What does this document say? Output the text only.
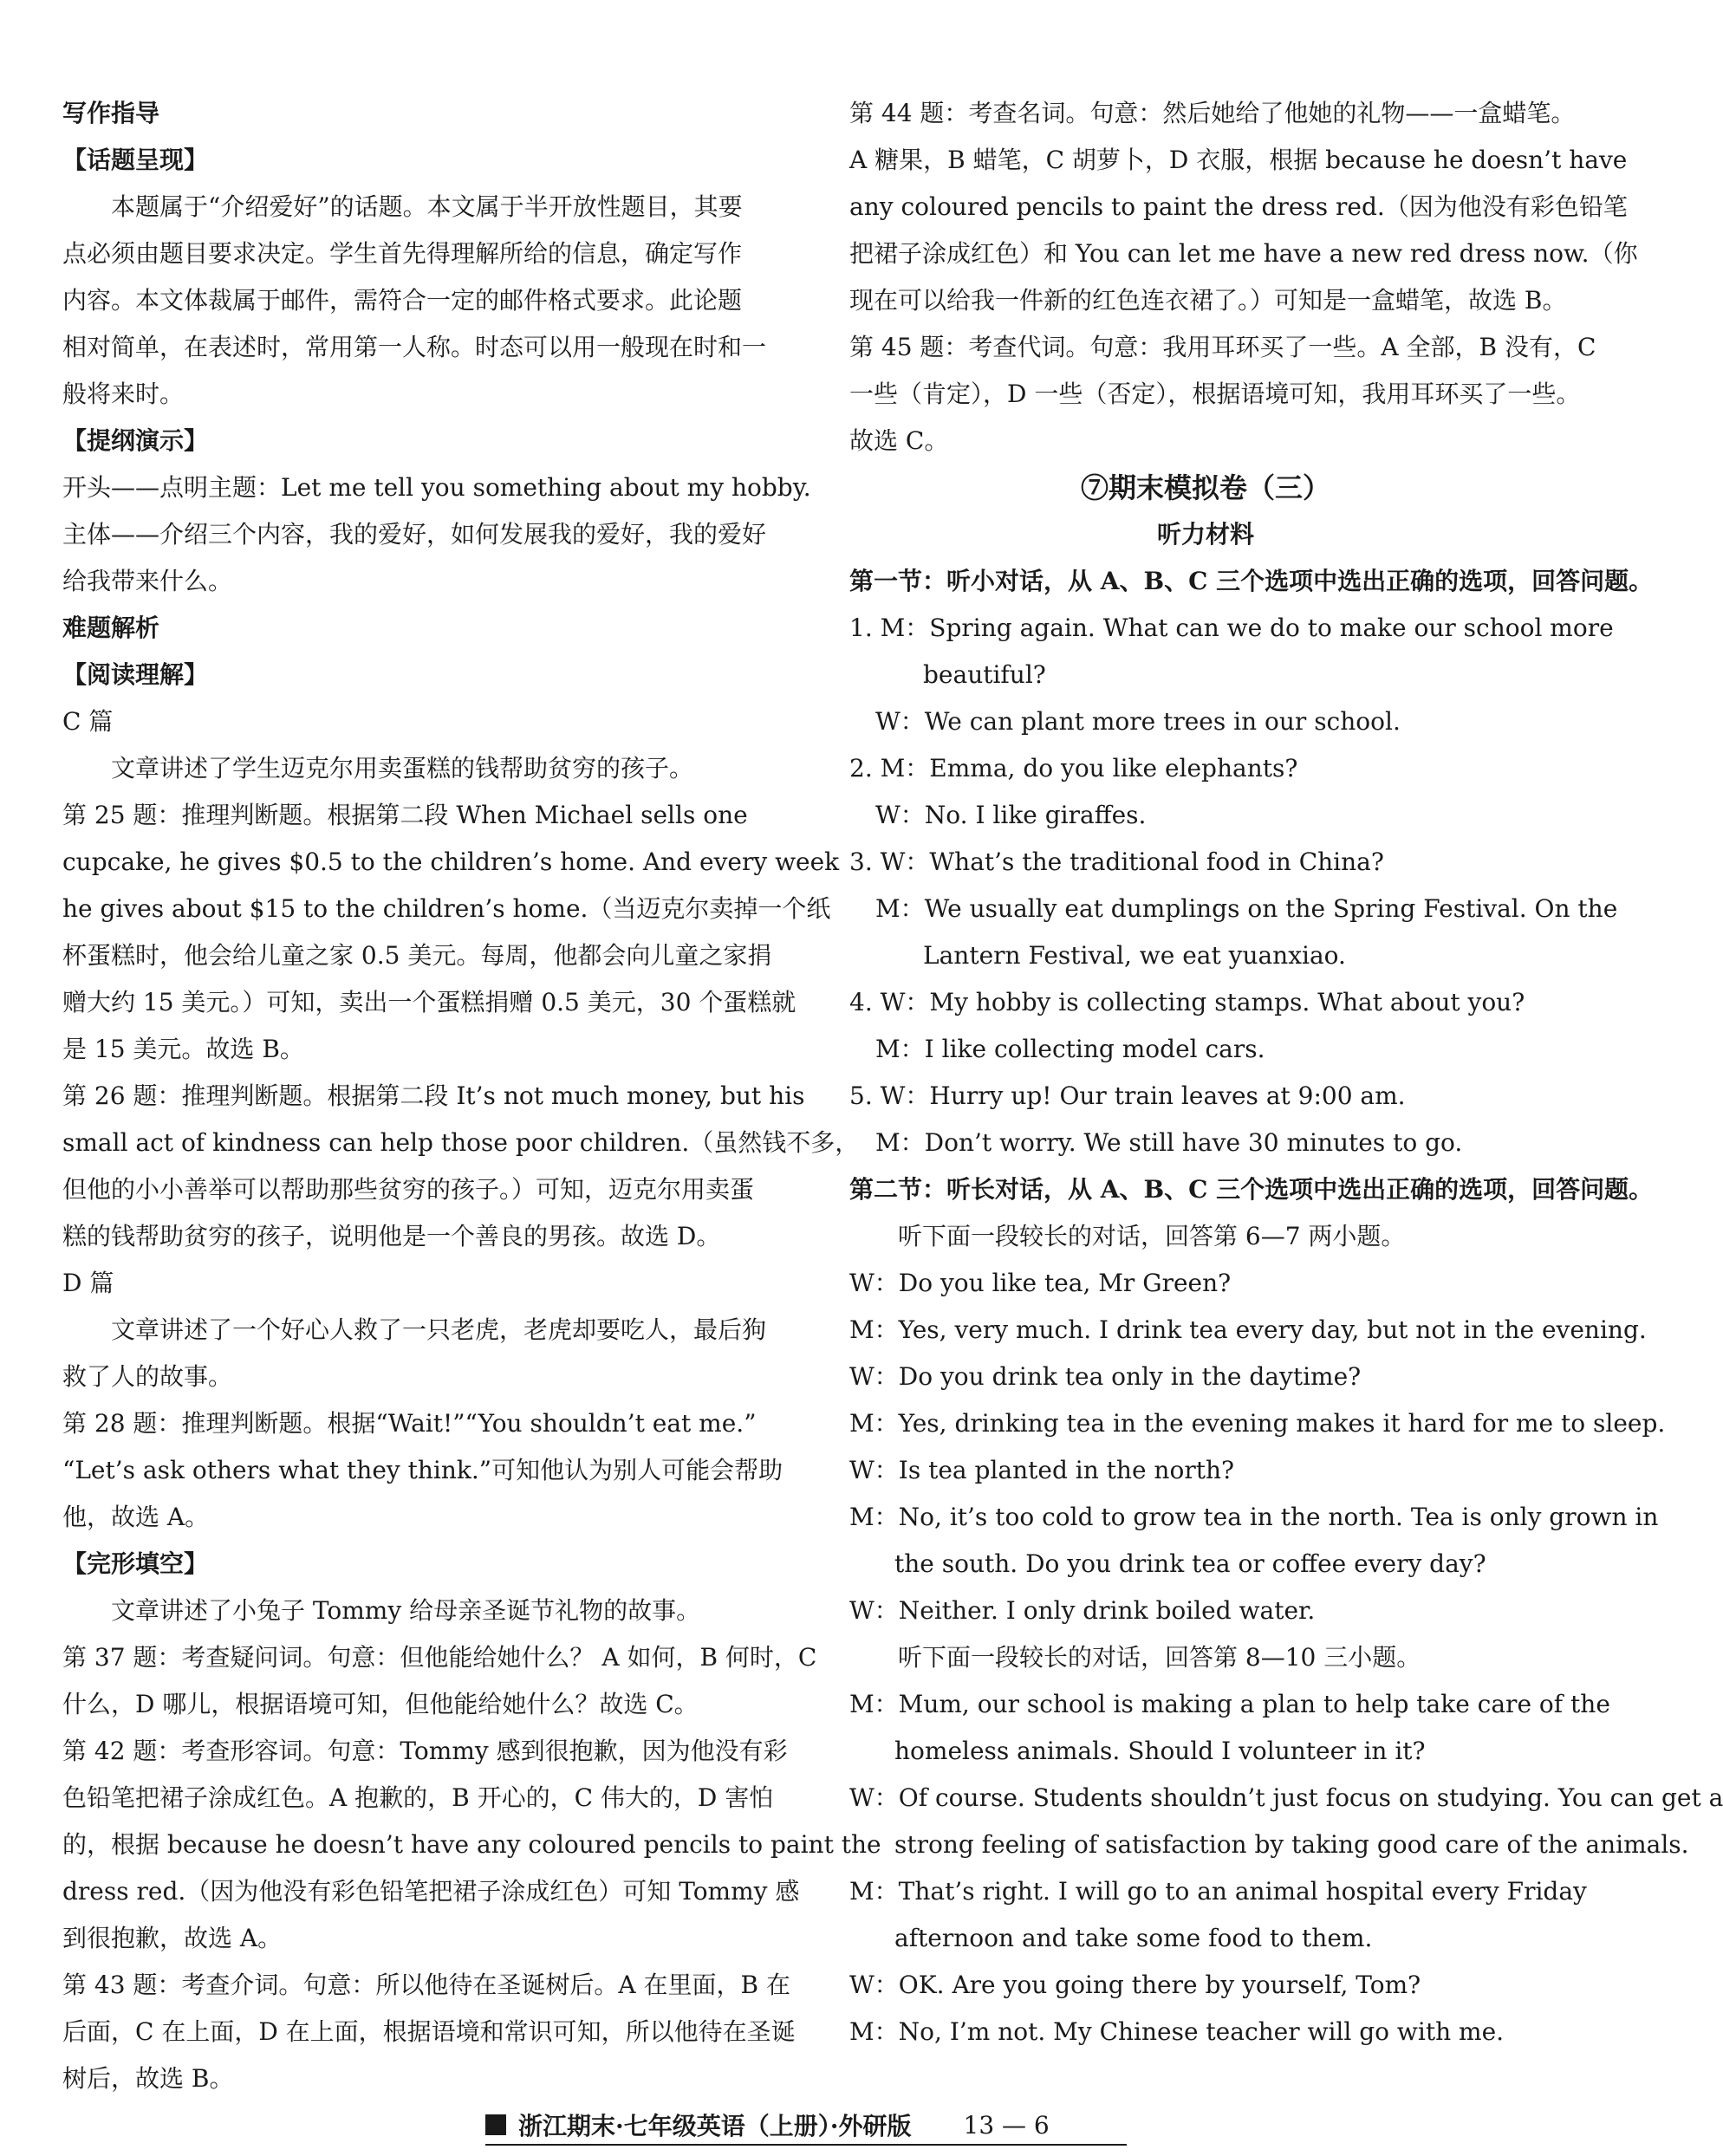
写作指导
【话题呈现】
本题属于“介绍爱好”的话题。本文属于半开放性题目，其要
点必须由题目要求决定。学生首先得理解所给的信息，确定写作
内容。本文体裁属于邮件，需符合一定的邮件格式要求。此论题
相对简单，在表述时，常用第一人称。时态可以用一般现在时和一
般将来时。
【提纲演示】
开头——点明主题：Let me tell you something about my hobby.
主体——介绍三个内容，我的爱好，如何发展我的爱好，我的爱好
给我带来什么。
难题解析
【阅读理解】
C 篇
文章讲述了学生迈克尔用卖蛋糕的钱帮助贫穷的孩子。
第 25 题：推理判断题。根据第二段 When Michael sells one
cupcake, he gives $0.5 to the children’s home. And every week
he gives about $15 to the children’s home.（当迈克尔卖掉一个纸
杯蛋糕时，他会给儿童之家 0.5 美元。每周，他都会向儿童之家捐
赠大约 15 美元。）可知，卖出一个蛋糕捐赠 0.5 美元，30 个蛋糕就
是 15 美元。故选 B。
第 26 题：推理判断题。根据第二段 It’s not much money, but his
small act of kindness can help those poor children.（虽然钱不多，
但他的小小善举可以帮助那些贫穷的孩子。）可知，迈克尔用卖蛋
糕的钱帮助贫穷的孩子，说明他是一个善良的男孩。故选 D。
D 篇
文章讲述了一个好心人救了一只老虎，老虎却要吃人，最后狗
救了人的故事。
第 28 题：推理判断题。根据“Wait!”“You shouldn’t eat me.”
“Let’s ask others what they think.”可知他认为别人可能会帮助
他，故选 A。
【完形填空】
文章讲述了小兔子 Tommy 给母亲圣诞节礼物的故事。
第 37 题：考查疑问词。句意：但他能给她什么？ A 如何，B 何时，C
什么，D 哪儿，根据语境可知，但他能给她什么？故选 C。
第 42 题：考查形容词。句意：Tommy 感到很抱歉，因为他没有彩
色铅笔把裙子涂成红色。A 抱歉的，B 开心的，C 伟大的，D 害怕
的，根据 because he doesn’t have any coloured pencils to paint the
dress red.（因为他没有彩色铅笔把裙子涂成红色）可知 Tommy 感
到很抱歉，故选 A。
第 43 题：考查介词。句意：所以他待在圣诞树后。A 在里面，B 在
后面，C 在上面，D 在上面，根据语境和常识可知，所以他待在圣诞
树后，故选 B。
第 44 题：考查名词。句意：然后她给了他她的礼物——一盒蜡笔。
A 糖果，B 蜡笔，C 胡萝卜，D 衣服，根据 because he doesn’t have
any coloured pencils to paint the dress red.（因为他没有彩色铅笔
把裙子涂成红色）和 You can let me have a new red dress now.（你
现在可以给我一件新的红色连衣裙了。）可知是一盒蜡笔，故选 B。
第 45 题：考查代词。句意：我用耳环买了一些。A 全部，B 没有，C
一些（肯定），D 一些（否定），根据语境可知，我用耳环买了一些。
故选 C。
⑦期末模拟卷（三）
听力材料
第一节：听小对话，从 A、B、C 三个选项中选出正确的选项，回答问题。
1. M：Spring again. What can we do to make our school more
beautiful?
W：We can plant more trees in our school.
2. M：Emma, do you like elephants?
W：No. I like giraffes.
3. W：What’s the traditional food in China?
M：We usually eat dumplings on the Spring Festival. On the
Lantern Festival, we eat yuanxiao.
4. W：My hobby is collecting stamps. What about you?
M：I like collecting model cars.
5. W：Hurry up! Our train leaves at 9:00 am.
M：Don’t worry. We still have 30 minutes to go.
第二节：听长对话，从 A、B、C 三个选项中选出正确的选项，回答问题。
听下面一段较长的对话，回答第 6—7 两小题。
W：Do you like tea, Mr Green?
M：Yes, very much. I drink tea every day, but not in the evening.
W：Do you drink tea only in the daytime?
M：Yes, drinking tea in the evening makes it hard for me to sleep.
W：Is tea planted in the north?
M：No, it’s too cold to grow tea in the north. Tea is only grown in
the south. Do you drink tea or coffee every day?
W：Neither. I only drink boiled water.
听下面一段较长的对话，回答第 8—10 三小题。
M：Mum, our school is making a plan to help take care of the
homeless animals. Should I volunteer in it?
W：Of course. Students shouldn’t just focus on studying. You can get a
strong feeling of satisfaction by taking good care of the animals.
M：That’s right. I will go to an animal hospital every Friday
afternoon and take some food to them.
W：OK. Are you going there by yourself, Tom?
M：No, I’m not. My Chinese teacher will go with me.
浙江期末·七年级英语（上册）·外研版 13 — 6
